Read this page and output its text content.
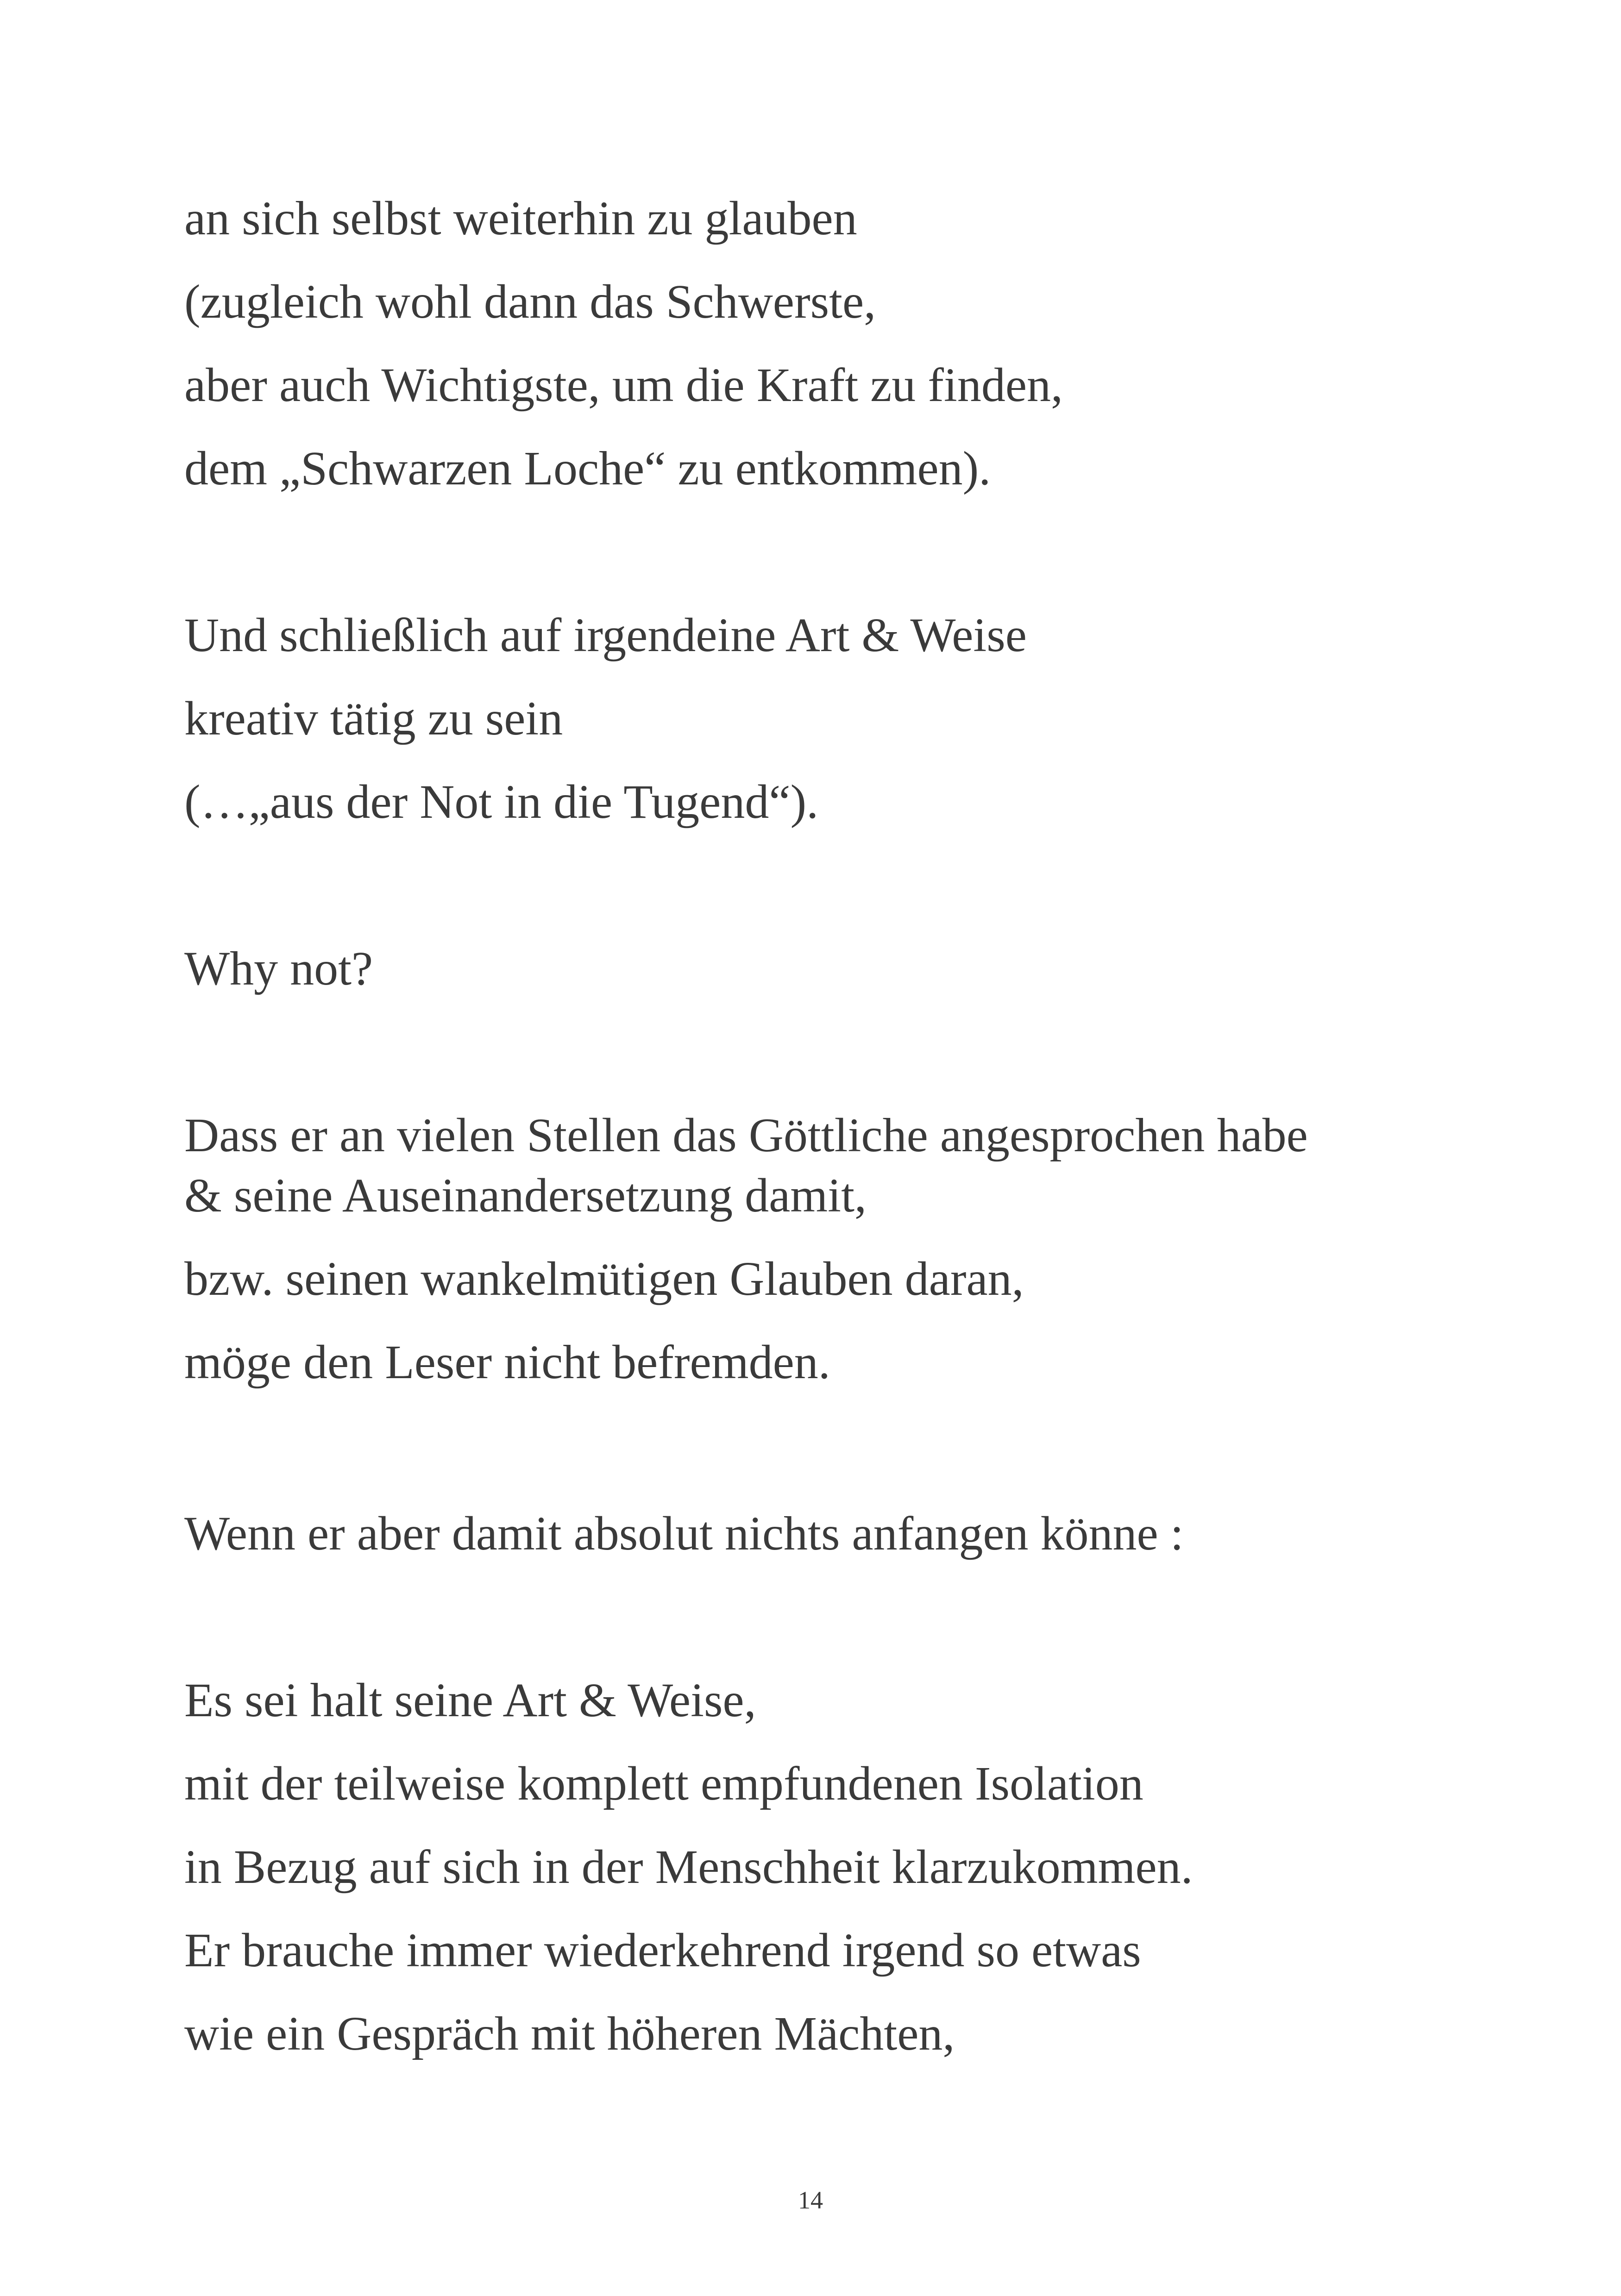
an sich selbst weiterhin zu glauben

(zugleich wohl dann das Schwerste,

aber auch Wichtigste, um die Kraft zu finden,

dem „Schwarzen Loche“ zu entkommen).

Und schließlich auf irgendeine Art & Weise

kreativ tätig zu sein

(…„aus der Not in die Tugend“).

Why not?

Dass er an vielen Stellen das Göttliche angesprochen habe

& seine Auseinandersetzung damit,

bzw. seinen wankelmütigen Glauben daran,

möge den Leser nicht befremden.

Wenn er aber damit absolut nichts anfangen könne :

Es sei halt seine Art & Weise,

mit der teilweise komplett empfundenen Isolation

in Bezug auf sich in der Menschheit klarzukommen.

Er brauche immer wiederkehrend irgend so etwas

wie ein Gespräch mit höheren Mächten,

14
